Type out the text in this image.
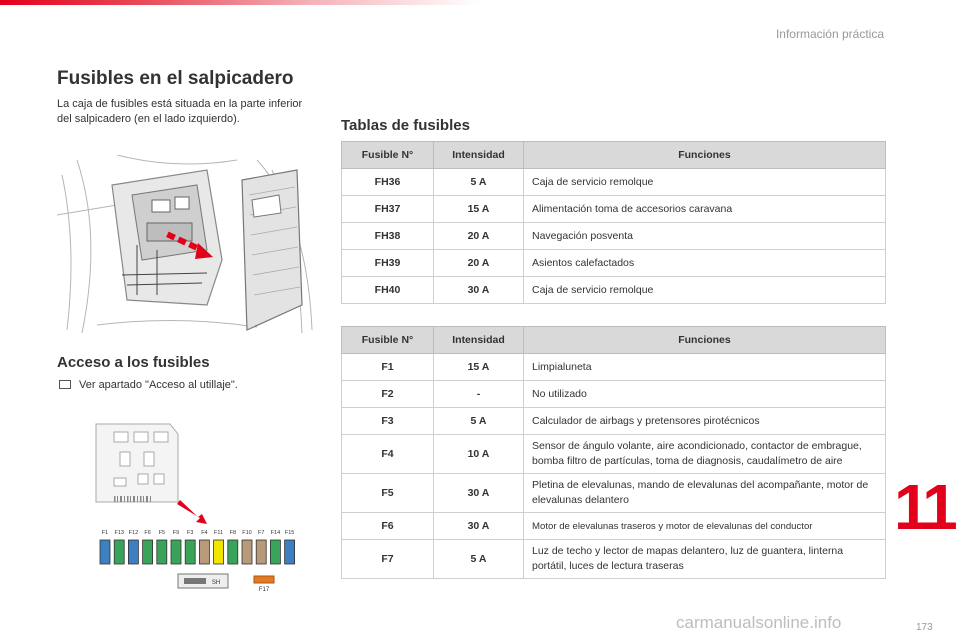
Información práctica
Fusibles en el salpicadero
La caja de fusibles está situada en la parte inferior del salpicadero (en el lado izquierdo).
Acceso a los fusibles
Ver apartado "Acceso al utillaje".
F1 F13 F12 F6 F5 F9 F3 F4 F11 F8 F10 F7 F14 F15
SH
F17
Tablas de fusibles
Fusible N°	Intensidad	Funciones
FH36	5 A	Caja de servicio remolque
FH37	15 A	Alimentación toma de accesorios caravana
FH38	20 A	Navegación posventa
FH39	20 A	Asientos calefactados
FH40	30 A	Caja de servicio remolque
Fusible N°	Intensidad	Funciones
F1	15 A	Limpialuneta
F2	-	No utilizado
F3	5 A	Calculador de airbags y pretensores pirotécnicos
F4	10 A	Sensor de ángulo volante, aire acondicionado, contactor de embrague, bomba filtro de partículas, toma de diagnosis, caudalímetro de aire
F5	30 A	Pletina de elevalunas, mando de elevalunas del acompañante, motor de elevalunas delantero
F6	30 A	Motor de elevalunas traseros y motor de elevalunas del conductor
F7	5 A	Luz de techo y lector de mapas delantero, luz de guantera, linterna portátil, luces de lectura traseras
11
173
carmanualsonline.info
